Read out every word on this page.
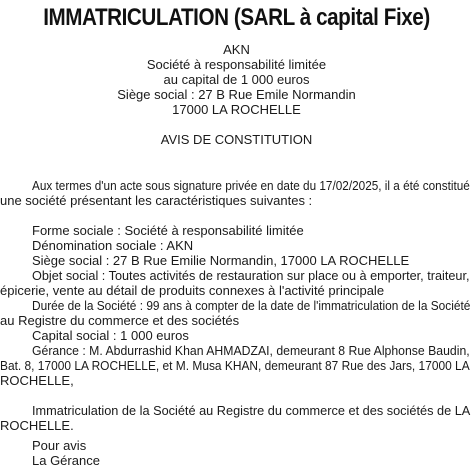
IMMATRICULATION (SARL à capital Fixe)
AKN
Société à responsabilité limitée
au capital de 1 000 euros
Siège social : 27 B Rue Emile Normandin
17000 LA ROCHELLE
AVIS DE CONSTITUTION
Aux termes d'un acte sous signature privée en date du 17/02/2025, il a été constitué
une société présentant les caractéristiques suivantes :
Forme sociale : Société à responsabilité limitée
Dénomination sociale : AKN
Siège social : 27 B Rue Emilie Normandin, 17000 LA ROCHELLE
Objet social : Toutes activités de restauration sur place ou à emporter, traiteur,
épicerie, vente au détail de produits connexes à l'activité principale
Durée de la Société : 99 ans à compter de la date de l'immatriculation de la Société
au Registre du commerce et des sociétés
Capital social : 1 000 euros
Gérance : M. Abdurrashid Khan AHMADZAI, demeurant 8 Rue Alphonse Baudin,
Bat. 8, 17000 LA ROCHELLE, et M. Musa KHAN, demeurant 87 Rue des Jars, 17000 LA
ROCHELLE,
Immatriculation de la Société au Registre du commerce et des sociétés de LA
ROCHELLE.
Pour avis
La Gérance
